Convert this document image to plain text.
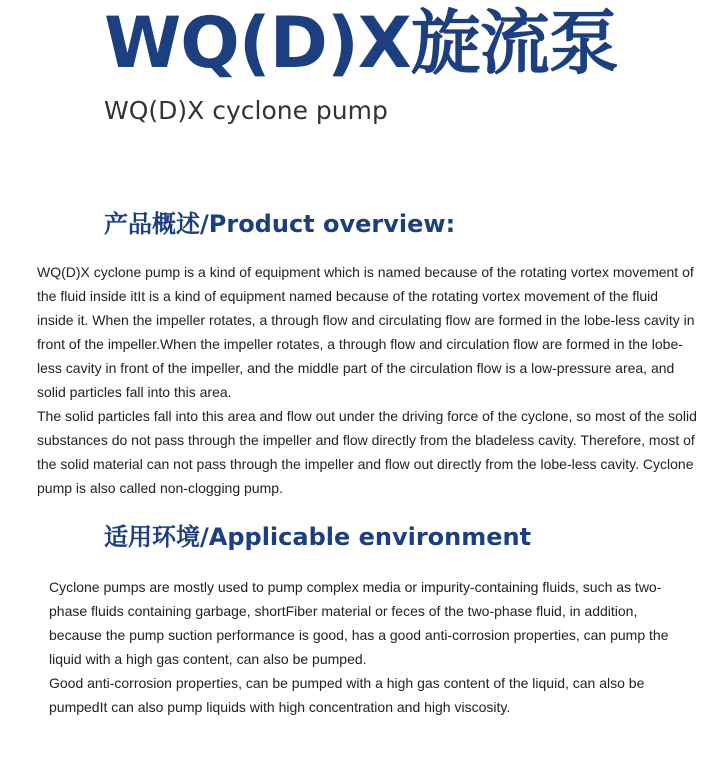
WQ(D)X旋流泵
WQ(D)X cyclone pump
产品概述/Product overview:

WQ(D)X cyclone pump is a kind of equipment which is named because of the rotating vortex movement of the fluid inside itIt is a kind of equipment named because of the rotating vortex movement of the fluid inside it. When the impeller rotates, a through flow and circulating flow are formed in the lobe-less cavity in front of the impeller.When the impeller rotates, a through flow and circulation flow are formed in the lobe-less cavity in front of the impeller, and the middle part of the circulation flow is a low-pressure area, and solid particles fall into this area.

The solid particles fall into this area and flow out under the driving force of the cyclone, so most of the solid substances do not pass through the impeller and flow directly from the bladeless cavity. Therefore, most of the solid material can not pass through the impeller and flow out directly from the lobe-less cavity. Cyclone pump is also called non-clogging pump.

适用环境/Applicable environment

Cyclone pumps are mostly used to pump complex media or impurity-containing fluids, such as two-phase fluids containing garbage, shortFiber material or feces of the two-phase fluid, in addition, because the pump suction performance is good, has a good anti-corrosion properties, can pump the liquid with a high gas content, can also be pumped.

Good anti-corrosion properties, can be pumped with a high gas content of the liquid, can also be pumpedIt can also pump liquids with high concentration and high viscosity.
